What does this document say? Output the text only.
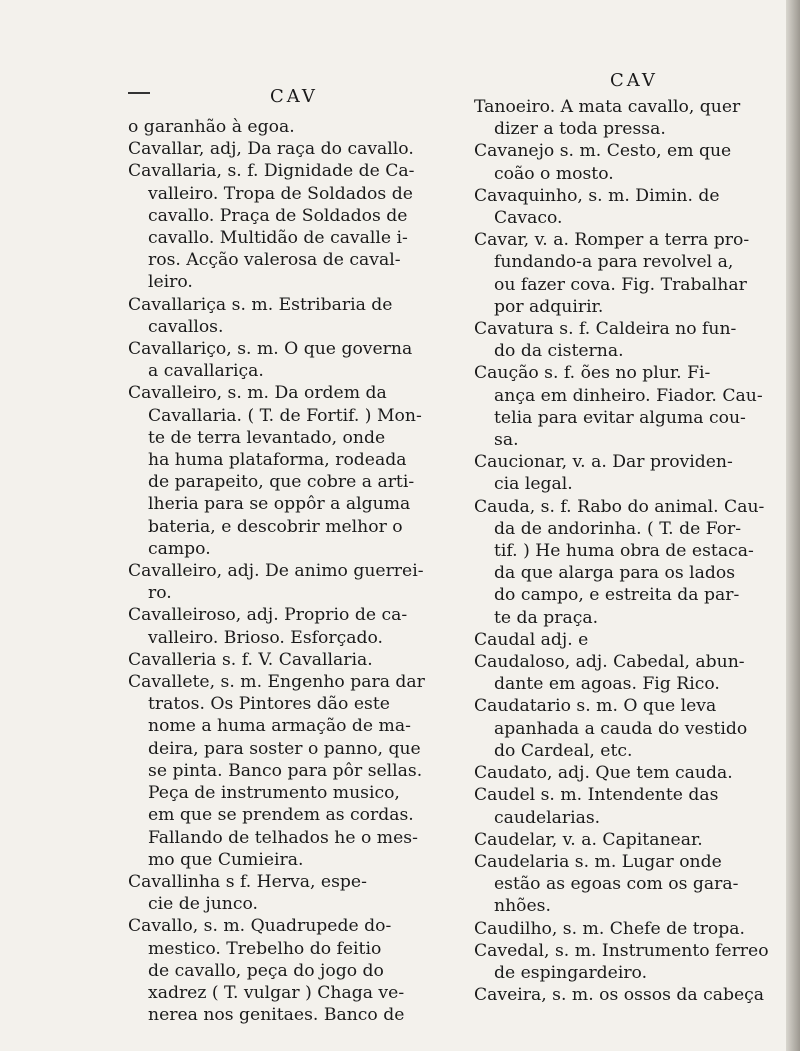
CAV
CAV
o garanhão à egoa.
Cavallar, adj, Da raça do cavallo.
Cavallaria, s. f. Dignidade de Ca-
valleiro. Tropa de Soldados de
cavallo. Praça de Soldados de
cavallo. Multidão de cavalle i-
ros. Acção valerosa de caval-
leiro.
Cavallariça s. m. Estribaria de
cavallos.
Cavallariço, s. m. O que governa
a cavallariça.
Cavalleiro, s. m. Da ordem da
Cavallaria. ( T. de Fortif. ) Mon-
te de terra levantado, onde
ha huma plataforma, rodeada
de parapeito, que cobre a arti-
lheria para se oppôr a alguma
bateria, e descobrir melhor o
campo.
Cavalleiro, adj. De animo guerrei-
ro.
Cavalleiroso, adj. Proprio de ca-
valleiro. Brioso. Esforçado.
Cavalleria s. f. V. Cavallaria.
Cavallete, s. m. Engenho para dar
tratos. Os Pintores dão este
nome a huma armação de ma-
deira, para soster o panno, que
se pinta. Banco para pôr sellas.
Peça de instrumento musico,
em que se prendem as cordas.
Fallando de telhados he o mes-
mo que Cumieira.
Cavallinha s f. Herva, espe-
cie de junco.
Cavallo, s. m. Quadrupede do-
mestico. Trebelho do feitio
de cavallo, peça do jogo do
xadrez ( T. vulgar ) Chaga ve-
nerea nos genitaes. Banco de
Tanoeiro. A mata cavallo, quer
dizer a toda pressa.
Cavanejo s. m. Cesto, em que
coão o mosto.
Cavaquinho, s. m. Dimin. de
Cavaco.
Cavar, v. a. Romper a terra pro-
fundando-a para revolvel a,
ou fazer cova. Fig. Trabalhar
por adquirir.
Cavatura s. f. Caldeira no fun-
do da cisterna.
Caução s. f. ões no plur. Fi-
ança em dinheiro. Fiador. Cau-
telia para evitar alguma cou-
sa.
Caucionar, v. a. Dar providen-
cia legal.
Cauda, s. f. Rabo do animal. Cau-
da de andorinha. ( T. de For-
tif. ) He huma obra de estaca-
da que alarga para os lados
do campo, e estreita da par-
te da praça.
Caudal adj. e
Caudaloso, adj. Cabedal, abun-
dante em agoas. Fig Rico.
Caudatario s. m. O que leva
apanhada a cauda do vestido
do Cardeal, etc.
Caudato, adj. Que tem cauda.
Caudel s. m. Intendente das
caudelarias.
Caudelar, v. a. Capitanear.
Caudelaria s. m. Lugar onde
estão as egoas com os gara-
nhões.
Caudilho, s. m. Chefe de tropa.
Cavedal, s. m. Instrumento ferreo
de espingardeiro.
Caveira, s. m. os ossos da cabeça
